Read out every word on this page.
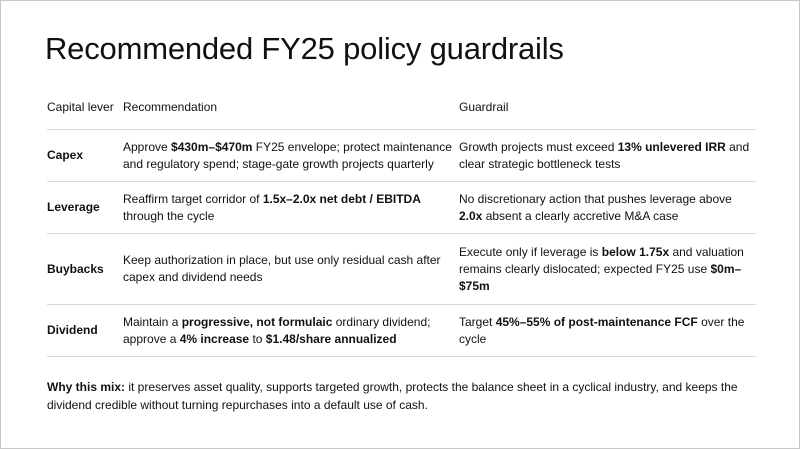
Recommended FY25 policy guardrails
Capital lever	Recommendation	Guardrail
Capex	Approve $430m–$470m FY25 envelope; protect maintenance and regulatory spend; stage-gate growth projects quarterly	Growth projects must exceed 13% unlevered IRR and clear strategic bottleneck tests
Leverage	Reaffirm target corridor of 1.5x–2.0x net debt / EBITDA through the cycle	No discretionary action that pushes leverage above 2.0x absent a clearly accretive M&A case
Buybacks	Keep authorization in place, but use only residual cash after capex and dividend needs	Execute only if leverage is below 1.75x and valuation remains clearly dislocated; expected FY25 use $0m–$75m
Dividend	Maintain a progressive, not formulaic ordinary dividend; approve a 4% increase to $1.48/share annualized	Target 45%–55% of post-maintenance FCF over the cycle

Why this mix: it preserves asset quality, supports targeted growth, protects the balance sheet in a cyclical industry, and keeps the dividend credible without turning repurchases into a default use of cash.
